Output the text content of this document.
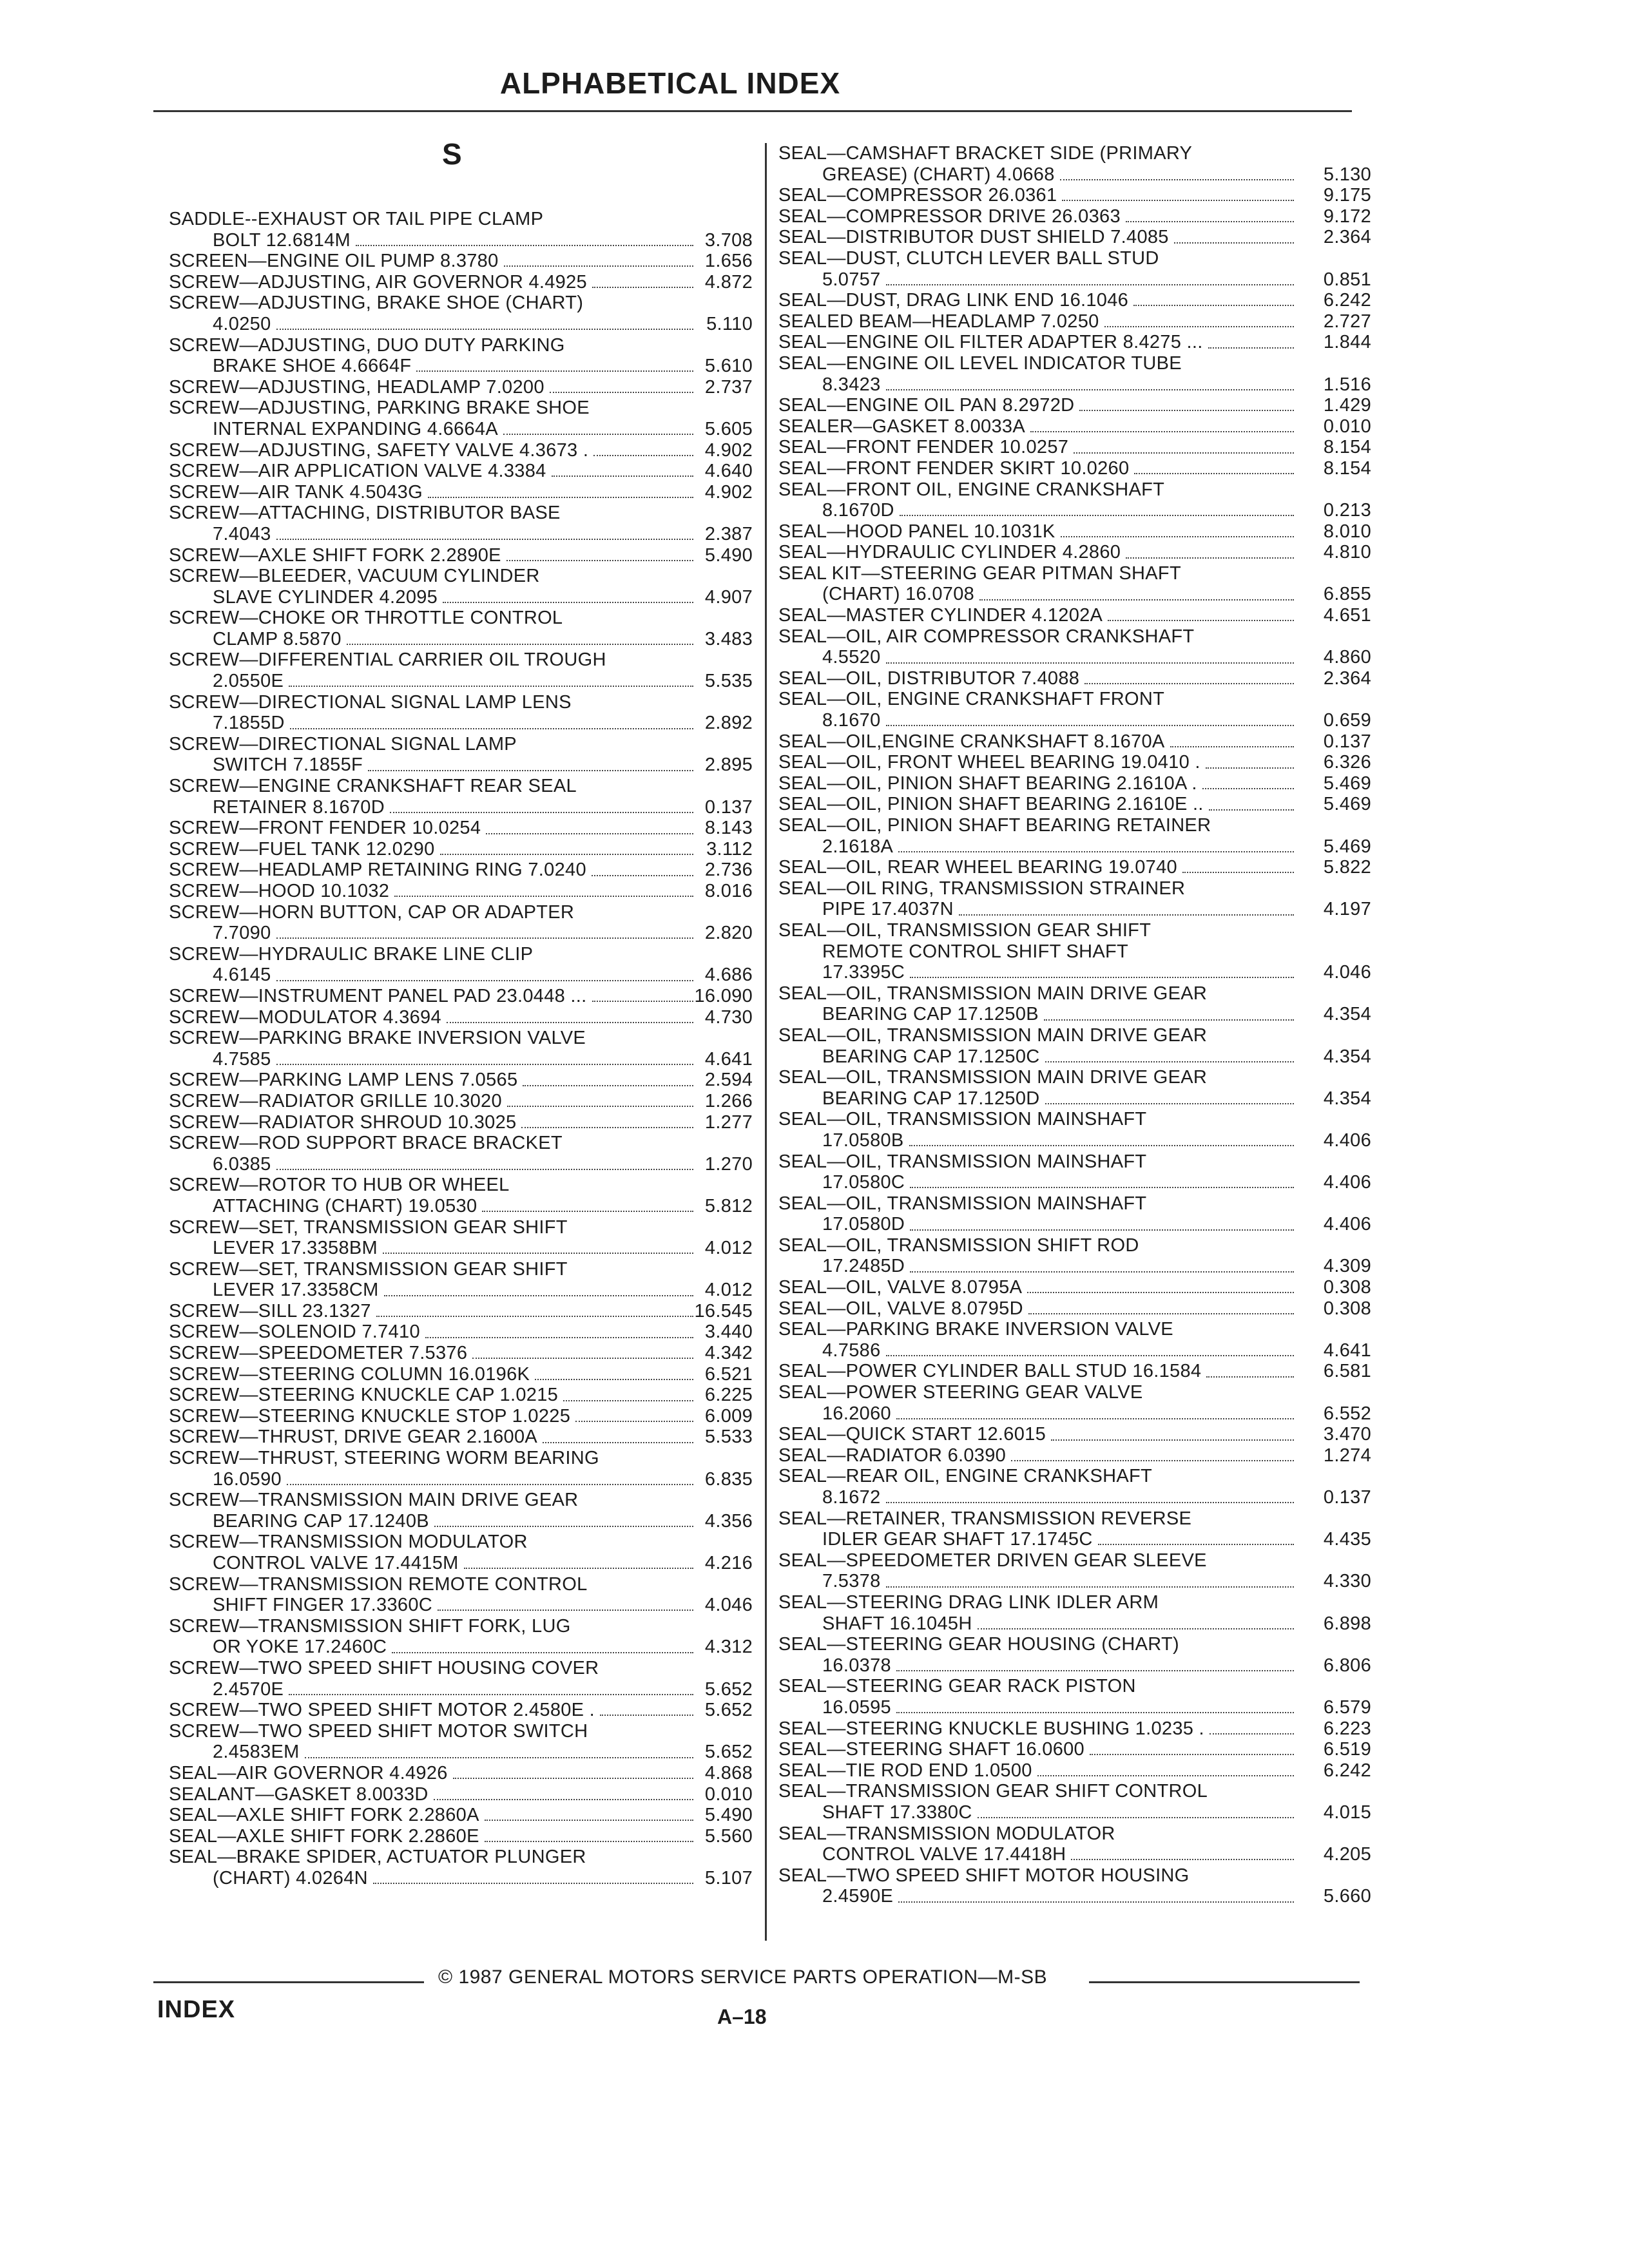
ALPHABETICAL INDEX
S
SADDLE--EXHAUST OR TAIL PIPE CLAMP
BOLT 12.6814M	3.708
SCREEN—ENGINE OIL PUMP 8.3780	1.656
SCREW—ADJUSTING, AIR GOVERNOR 4.4925	4.872
SCREW—ADJUSTING, BRAKE SHOE (CHART)
4.0250	5.110
SCREW—ADJUSTING, DUO DUTY PARKING
BRAKE SHOE 4.6664F	5.610
SCREW—ADJUSTING, HEADLAMP 7.0200	2.737
SCREW—ADJUSTING, PARKING BRAKE SHOE
INTERNAL EXPANDING 4.6664A	5.605
SCREW—ADJUSTING, SAFETY VALVE 4.3673 .	4.902
SCREW—AIR APPLICATION VALVE 4.3384	4.640
SCREW—AIR TANK 4.5043G	4.902
SCREW—ATTACHING, DISTRIBUTOR BASE
7.4043	2.387
SCREW—AXLE SHIFT FORK 2.2890E	5.490
SCREW—BLEEDER, VACUUM CYLINDER
SLAVE CYLINDER 4.2095	4.907
SCREW—CHOKE OR THROTTLE CONTROL
CLAMP 8.5870	3.483
SCREW—DIFFERENTIAL CARRIER OIL TROUGH
2.0550E	5.535
SCREW—DIRECTIONAL SIGNAL LAMP LENS
7.1855D	2.892
SCREW—DIRECTIONAL SIGNAL LAMP
SWITCH 7.1855F	2.895
SCREW—ENGINE CRANKSHAFT REAR SEAL
RETAINER 8.1670D	0.137
SCREW—FRONT FENDER 10.0254	8.143
SCREW—FUEL TANK 12.0290	3.112
SCREW—HEADLAMP RETAINING RING 7.0240	2.736
SCREW—HOOD 10.1032	8.016
SCREW—HORN BUTTON, CAP OR ADAPTER
7.7090	2.820
SCREW—HYDRAULIC BRAKE LINE CLIP
4.6145	4.686
SCREW—INSTRUMENT PANEL PAD 23.0448 ...	16.090
SCREW—MODULATOR 4.3694	4.730
SCREW—PARKING BRAKE INVERSION VALVE
4.7585	4.641
SCREW—PARKING LAMP LENS 7.0565	2.594
SCREW—RADIATOR GRILLE 10.3020	1.266
SCREW—RADIATOR SHROUD 10.3025	1.277
SCREW—ROD SUPPORT BRACE BRACKET
6.0385	1.270
SCREW—ROTOR TO HUB OR WHEEL
ATTACHING (CHART) 19.0530	5.812
SCREW—SET, TRANSMISSION GEAR SHIFT
LEVER 17.3358BM	4.012
SCREW—SET, TRANSMISSION GEAR SHIFT
LEVER 17.3358CM	4.012
SCREW—SILL 23.1327	16.545
SCREW—SOLENOID 7.7410	3.440
SCREW—SPEEDOMETER 7.5376	4.342
SCREW—STEERING COLUMN 16.0196K	6.521
SCREW—STEERING KNUCKLE CAP 1.0215	6.225
SCREW—STEERING KNUCKLE STOP 1.0225	6.009
SCREW—THRUST, DRIVE GEAR 2.1600A	5.533
SCREW—THRUST, STEERING WORM BEARING
16.0590	6.835
SCREW—TRANSMISSION MAIN DRIVE GEAR
BEARING CAP 17.1240B	4.356
SCREW—TRANSMISSION MODULATOR
CONTROL VALVE 17.4415M	4.216
SCREW—TRANSMISSION REMOTE CONTROL
SHIFT FINGER 17.3360C	4.046
SCREW—TRANSMISSION SHIFT FORK, LUG
OR YOKE 17.2460C	4.312
SCREW—TWO SPEED SHIFT HOUSING COVER
2.4570E	5.652
SCREW—TWO SPEED SHIFT MOTOR 2.4580E .	5.652
SCREW—TWO SPEED SHIFT MOTOR SWITCH
2.4583EM	5.652
SEAL—AIR GOVERNOR 4.4926	4.868
SEALANT—GASKET 8.0033D	0.010
SEAL—AXLE SHIFT FORK 2.2860A	5.490
SEAL—AXLE SHIFT FORK 2.2860E	5.560
SEAL—BRAKE SPIDER, ACTUATOR PLUNGER
(CHART) 4.0264N	5.107
SEAL—CAMSHAFT BRACKET SIDE (PRIMARY
GREASE) (CHART) 4.0668	5.130
SEAL—COMPRESSOR 26.0361	9.175
SEAL—COMPRESSOR DRIVE 26.0363	9.172
SEAL—DISTRIBUTOR DUST SHIELD 7.4085	2.364
SEAL—DUST, CLUTCH LEVER BALL STUD
5.0757	0.851
SEAL—DUST, DRAG LINK END 16.1046	6.242
SEALED BEAM—HEADLAMP 7.0250	2.727
SEAL—ENGINE OIL FILTER ADAPTER 8.4275 ...	1.844
SEAL—ENGINE OIL LEVEL INDICATOR TUBE
8.3423	1.516
SEAL—ENGINE OIL PAN 8.2972D	1.429
SEALER—GASKET 8.0033A	0.010
SEAL—FRONT FENDER 10.0257	8.154
SEAL—FRONT FENDER SKIRT 10.0260	8.154
SEAL—FRONT OIL, ENGINE CRANKSHAFT
8.1670D	0.213
SEAL—HOOD PANEL 10.1031K	8.010
SEAL—HYDRAULIC CYLINDER 4.2860	4.810
SEAL KIT—STEERING GEAR PITMAN SHAFT
(CHART) 16.0708	6.855
SEAL—MASTER CYLINDER 4.1202A	4.651
SEAL—OIL, AIR COMPRESSOR CRANKSHAFT
4.5520	4.860
SEAL—OIL, DISTRIBUTOR 7.4088	2.364
SEAL—OIL, ENGINE CRANKSHAFT FRONT
8.1670	0.659
SEAL—OIL,ENGINE CRANKSHAFT 8.1670A	0.137
SEAL—OIL, FRONT WHEEL BEARING 19.0410 .	6.326
SEAL—OIL, PINION SHAFT BEARING 2.1610A .	5.469
SEAL—OIL, PINION SHAFT BEARING 2.1610E ..	5.469
SEAL—OIL, PINION SHAFT BEARING RETAINER
2.1618A	5.469
SEAL—OIL, REAR WHEEL BEARING 19.0740	5.822
SEAL—OIL RING, TRANSMISSION STRAINER
PIPE 17.4037N	4.197
SEAL—OIL, TRANSMISSION GEAR SHIFT
REMOTE CONTROL SHIFT SHAFT
17.3395C	4.046
SEAL—OIL, TRANSMISSION MAIN DRIVE GEAR
BEARING CAP 17.1250B	4.354
SEAL—OIL, TRANSMISSION MAIN DRIVE GEAR
BEARING CAP 17.1250C	4.354
SEAL—OIL, TRANSMISSION MAIN DRIVE GEAR
BEARING CAP 17.1250D	4.354
SEAL—OIL, TRANSMISSION MAINSHAFT
17.0580B	4.406
SEAL—OIL, TRANSMISSION MAINSHAFT
17.0580C	4.406
SEAL—OIL, TRANSMISSION MAINSHAFT
17.0580D	4.406
SEAL—OIL, TRANSMISSION SHIFT ROD
17.2485D	4.309
SEAL—OIL, VALVE 8.0795A	0.308
SEAL—OIL, VALVE 8.0795D	0.308
SEAL—PARKING BRAKE INVERSION VALVE
4.7586	4.641
SEAL—POWER CYLINDER BALL STUD 16.1584	6.581
SEAL—POWER STEERING GEAR VALVE
16.2060	6.552
SEAL—QUICK START 12.6015	3.470
SEAL—RADIATOR 6.0390	1.274
SEAL—REAR OIL, ENGINE CRANKSHAFT
8.1672	0.137
SEAL—RETAINER, TRANSMISSION REVERSE
IDLER GEAR SHAFT 17.1745C	4.435
SEAL—SPEEDOMETER DRIVEN GEAR SLEEVE
7.5378	4.330
SEAL—STEERING DRAG LINK IDLER ARM
SHAFT 16.1045H	6.898
SEAL—STEERING GEAR HOUSING (CHART)
16.0378	6.806
SEAL—STEERING GEAR RACK PISTON
16.0595	6.579
SEAL—STEERING KNUCKLE BUSHING 1.0235 .	6.223
SEAL—STEERING SHAFT 16.0600	6.519
SEAL—TIE ROD END 1.0500	6.242
SEAL—TRANSMISSION GEAR SHIFT CONTROL
SHAFT 17.3380C	4.015
SEAL—TRANSMISSION MODULATOR
CONTROL VALVE 17.4418H	4.205
SEAL—TWO SPEED SHIFT MOTOR HOUSING
2.4590E	5.660
© 1987 GENERAL MOTORS SERVICE PARTS OPERATION—M-SB
INDEX	A–18
